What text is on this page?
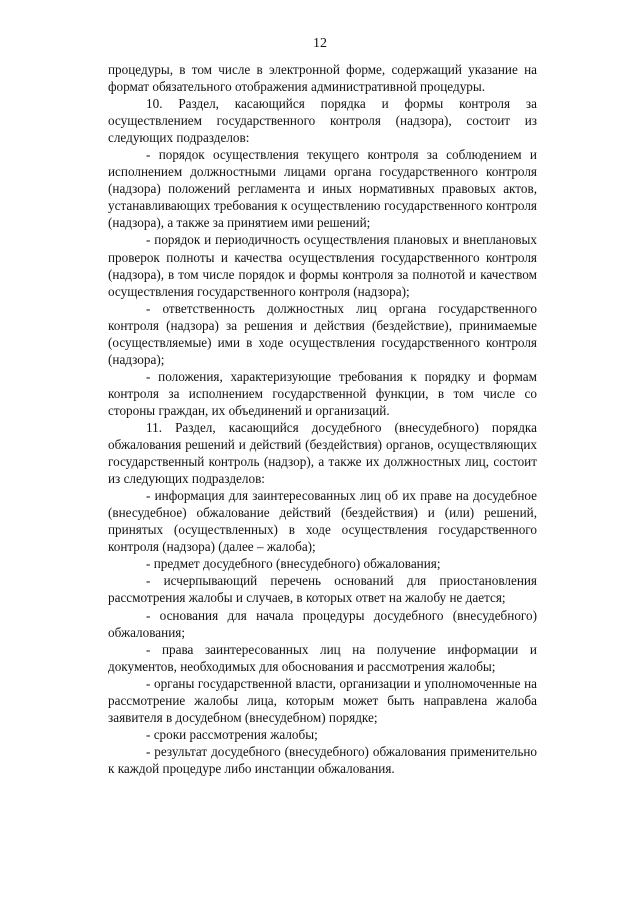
12

процедуры, в том числе в электронной форме, содержащий указание на формат обязательного отображения административной процедуры.

10. Раздел, касающийся порядка и формы контроля за осуществлением государственного контроля (надзора), состоит из следующих подразделов:

- порядок осуществления текущего контроля за соблюдением и исполнением должностными лицами органа государственного контроля (надзора) положений регламента и иных нормативных правовых актов, устанавливающих требования к осуществлению государственного контроля (надзора), а также за принятием ими решений;

- порядок и периодичность осуществления плановых и внеплановых проверок полноты и качества осуществления государственного контроля (надзора), в том числе порядок и формы контроля за полнотой и качеством осуществления государственного контроля (надзора);

- ответственность должностных лиц органа государственного контроля (надзора) за решения и действия (бездействие), принимаемые (осуществляемые) ими в ходе осуществления государственного контроля (надзора);

- положения, характеризующие требования к порядку и формам контроля за исполнением государственной функции, в том числе со стороны граждан, их объединений и организаций.

11. Раздел, касающийся досудебного (внесудебного) порядка обжалования решений и действий (бездействия) органов, осуществляющих государственный контроль (надзор), а также их должностных лиц, состоит из следующих подразделов:

- информация для заинтересованных лиц об их праве на досудебное (внесудебное) обжалование действий (бездействия) и (или) решений, принятых (осуществленных) в ходе осуществления государственного контроля (надзора) (далее – жалоба);

- предмет досудебного (внесудебного) обжалования;

- исчерпывающий перечень оснований для приостановления рассмотрения жалобы и случаев, в которых ответ на жалобу не дается;

- основания для начала процедуры досудебного (внесудебного) обжалования;

- права заинтересованных лиц на получение информации и документов, необходимых для обоснования и рассмотрения жалобы;

- органы государственной власти, организации и уполномоченные на рассмотрение жалобы лица, которым может быть направлена жалоба заявителя в досудебном (внесудебном) порядке;

- сроки рассмотрения жалобы;

- результат досудебного (внесудебного) обжалования применительно к каждой процедуре либо инстанции обжалования.
